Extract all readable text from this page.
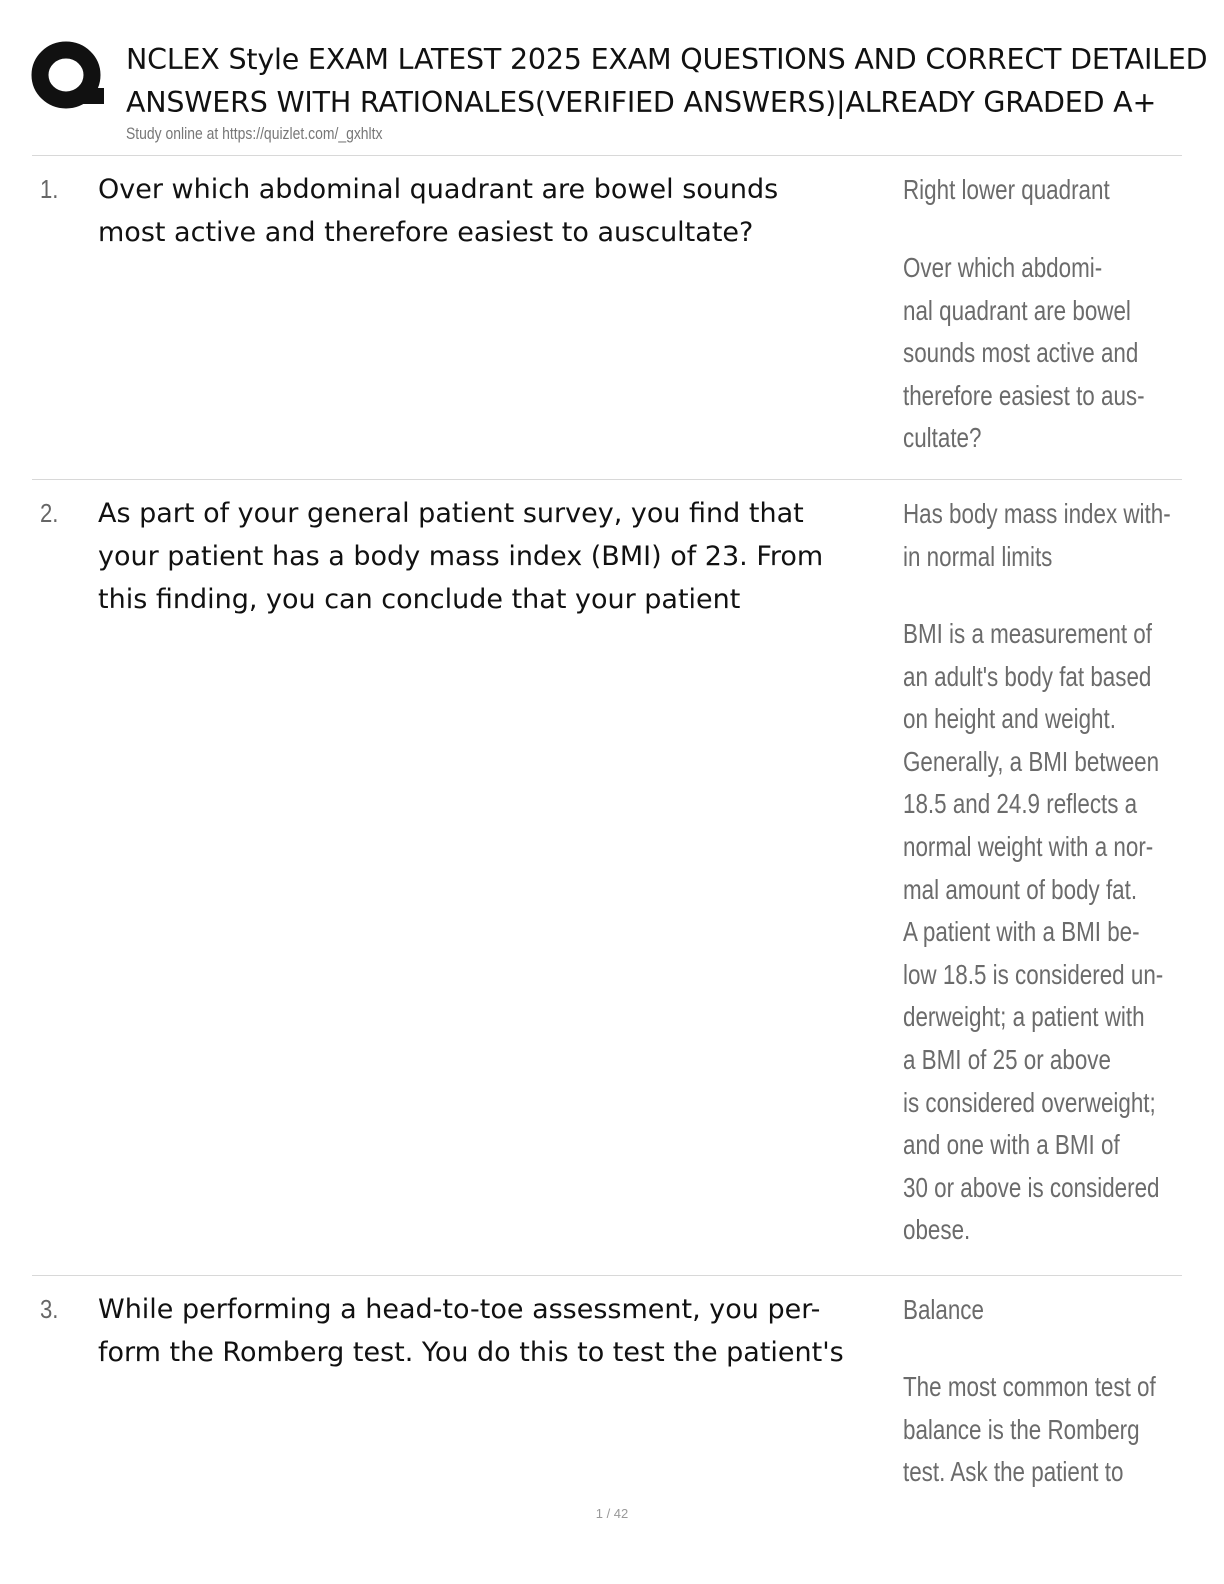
NCLEX Style EXAM LATEST 2025 EXAM QUESTIONS AND CORRECT DETAILED
ANSWERS WITH RATIONALES(VERIFIED ANSWERS)|ALREADY GRADED A+
Study online at https://quizlet.com/_gxhltx
1. Over which abdominal quadrant are bowel sounds
most active and therefore easiest to auscultate?
Right lower quadrant
Over which abdomi-
nal quadrant are bowel
sounds most active and
therefore easiest to aus-
cultate?
2. As part of your general patient survey, you find that
your patient has a body mass index (BMI) of 23. From
this finding, you can conclude that your patient
Has body mass index with-
in normal limits
BMI is a measurement of
an adult's body fat based
on height and weight.
Generally, a BMI between
18.5 and 24.9 reflects a
normal weight with a nor-
mal amount of body fat.
A patient with a BMI be-
low 18.5 is considered un-
derweight; a patient with
a BMI of 25 or above
is considered overweight;
and one with a BMI of
30 or above is considered
obese.
3. While performing a head-to-toe assessment, you per-
form the Romberg test. You do this to test the patient's
Balance
The most common test of
balance is the Romberg
test. Ask the patient to
1 / 42
